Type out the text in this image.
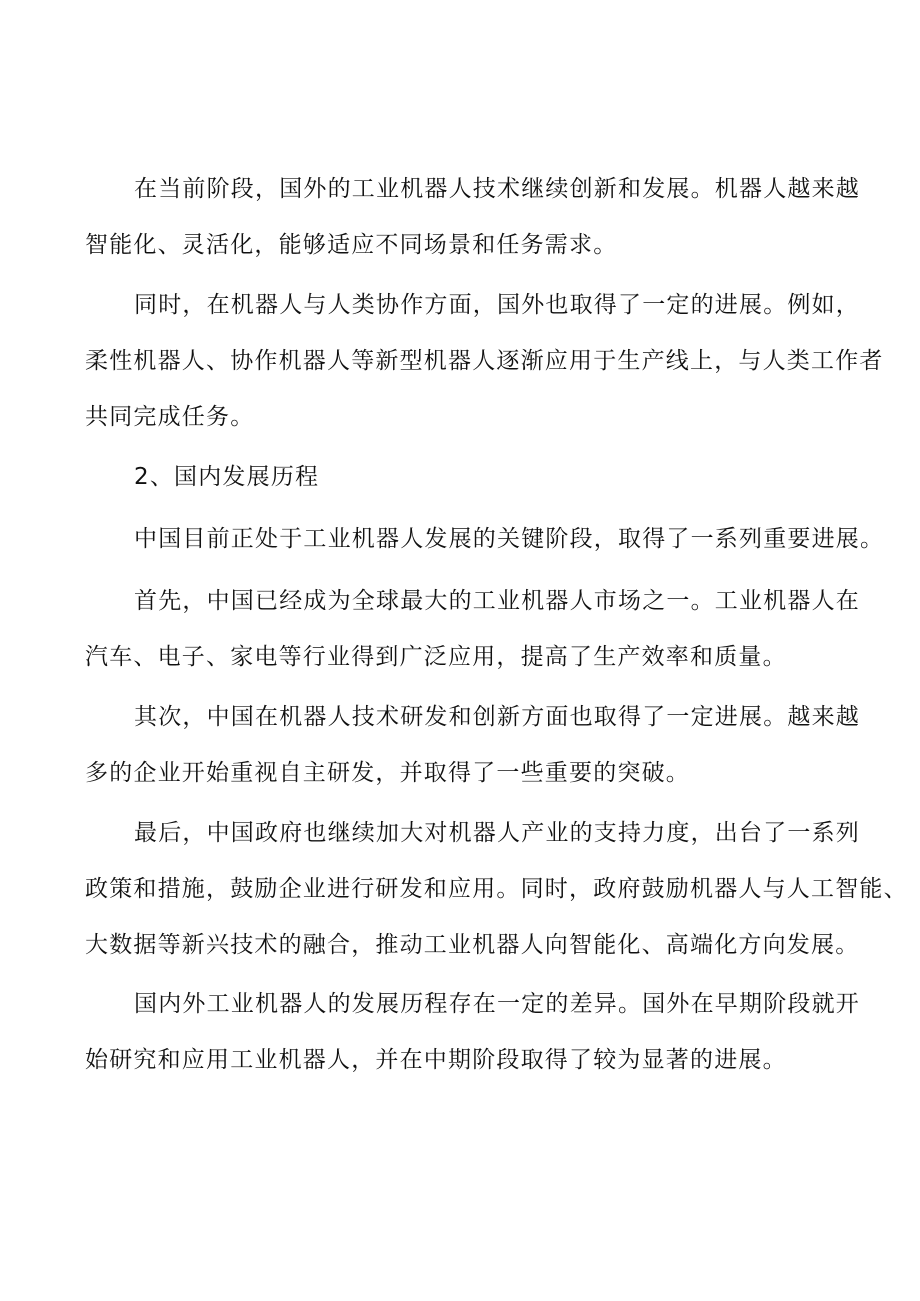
在当前阶段，国外的工业机器人技术继续创新和发展。机器人越来越
智能化、灵活化，能够适应不同场景和任务需求。

同时，在机器人与人类协作方面，国外也取得了一定的进展。例如，
柔性机器人、协作机器人等新型机器人逐渐应用于生产线上，与人类工作者
共同完成任务。

2、国内发展历程

中国目前正处于工业机器人发展的关键阶段，取得了一系列重要进展。

首先，中国已经成为全球最大的工业机器人市场之一。工业机器人在
汽车、电子、家电等行业得到广泛应用，提高了生产效率和质量。

其次，中国在机器人技术研发和创新方面也取得了一定进展。越来越
多的企业开始重视自主研发，并取得了一些重要的突破。

最后，中国政府也继续加大对机器人产业的支持力度，出台了一系列
政策和措施，鼓励企业进行研发和应用。同时，政府鼓励机器人与人工智能、
大数据等新兴技术的融合，推动工业机器人向智能化、高端化方向发展。

国内外工业机器人的发展历程存在一定的差异。国外在早期阶段就开
始研究和应用工业机器人，并在中期阶段取得了较为显著的进展。
